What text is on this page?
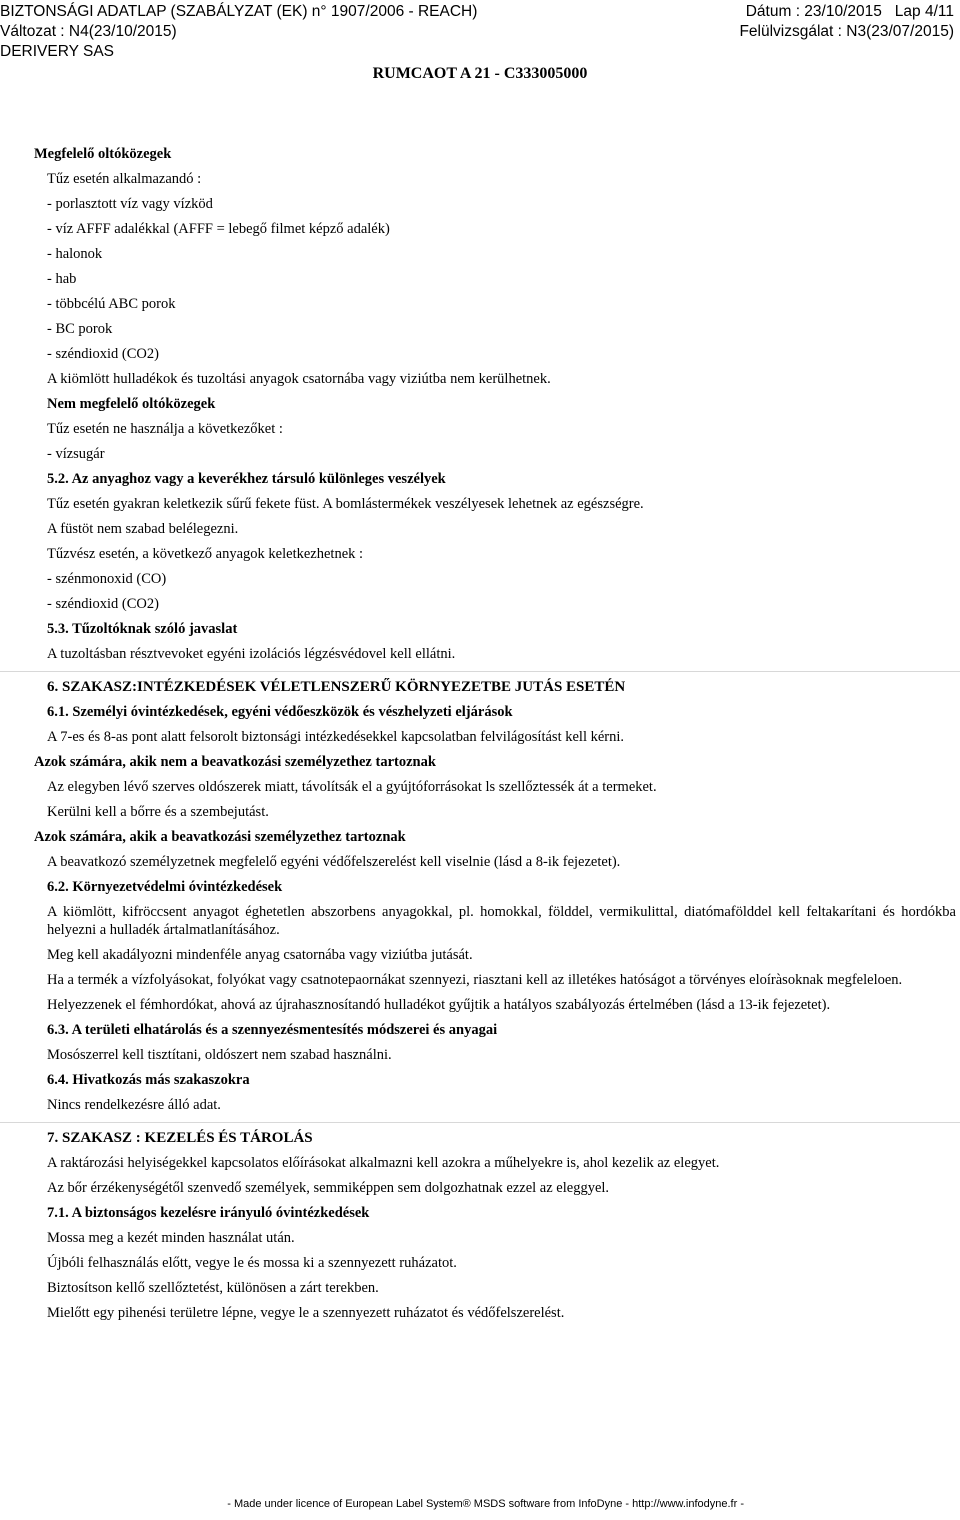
BIZTONSÁGI ADATLAP (SZABÁLYZAT (EK) n° 1907/2006 - REACH)	Dátum : 23/10/2015   Lap 4/11
Változat : N4(23/10/2015)	Felülvizsgálat : N3(23/07/2015)
DERIVERY SAS
RUMCAOT A 21 - C333005000
Megfelelő oltóközegek
Tűz esetén alkalmazandó :
- porlasztott víz vagy vízköd
- víz AFFF adalékkal (AFFF = lebegő filmet képző adalék)
- halonok
- hab
- többcélú ABC porok
- BC porok
- széndioxid (CO2)
A kiömlött hulladékok és tuzoltási anyagok csatornába vagy viziútba nem kerülhetnek.
Nem megfelelő oltóközegek
Tűz esetén ne használja a következőket :
- vízsugár
5.2. Az anyaghoz vagy a keverékhez társuló különleges veszélyek
Tűz esetén gyakran keletkezik sűrű fekete füst. A bomlástermékek veszélyesek lehetnek az egészségre.
A füstöt nem szabad belélegezni.
Tűzvész esetén, a következő anyagok keletkezhetnek :
- szénmonoxid (CO)
- széndioxid (CO2)
5.3. Tűzoltóknak szóló javaslat
A tuzoltásban résztvevoket egyéni izolációs légzésvédovel kell ellátni.
6. SZAKASZ:INTÉZKEDÉSEK VÉLETLENSZERŰ KÖRNYEZETBE JUTÁS ESETÉN
6.1. Személyi óvintézkedések, egyéni védőeszközök és vészhelyzeti eljárások
A 7-es és 8-as pont alatt felsorolt biztonsági intézkedésekkel kapcsolatban felvilágosítást kell kérni.
Azok számára, akik nem a beavatkozási személyzethez tartoznak
Az elegyben lévő szerves oldószerek miatt, távolítsák el a gyújtóforrásokat ls szellőztessék át a termeket.
Kerülni kell a bőrre és a szembejutást.
Azok számára, akik a beavatkozási személyzethez tartoznak
A beavatkozó személyzetnek megfelelő egyéni védőfelszerelést kell viselnie (lásd a 8-ik fejezetet).
6.2. Környezetvédelmi óvintézkedések
A kiömlött, kifröccsent anyagot éghetetlen abszorbens anyagokkal, pl. homokkal, földdel, vermikulittal, diatómafölddel kell feltakarítani és hordókba helyezni a hulladék ártalmatlanításához.
Meg kell akadályozni mindenféle anyag csatornába vagy viziútba jutását.
Ha a termék a vízfolyásokat, folyókat vagy csatnotepaornákat szennyezi, riasztani kell az illetékes hatóságot a törvényes eloíràsoknak megfeleloen.
Helyezzenek el fémhordókat, ahová az újrahasznosítandó hulladékot gyűjtik a hatályos szabályozás értelmében (lásd a 13-ik fejezetet).
6.3. A területi elhatárolás és a szennyezésmentesítés módszerei és anyagai
Mosószerrel kell tisztítani, oldószert nem szabad használni.
6.4. Hivatkozás más szakaszokra
Nincs rendelkezésre álló adat.
7. SZAKASZ : KEZELÉS ÉS TÁROLÁS
A raktározási helyiségekkel kapcsolatos előírásokat alkalmazni kell azokra a műhelyekre is, ahol kezelik az elegyet.
Az bőr érzékenységétől szenvedő személyek, semmiképpen sem dolgozhatnak ezzel az eleggyel.
7.1. A biztonságos kezelésre irányuló óvintézkedések
Mossa meg a kezét minden használat után.
Újbóli felhasználás előtt, vegye le és mossa ki a szennyezett ruházatot.
Biztosítson kellő szellőztetést, különösen a zárt terekben.
Mielőtt egy pihenési területre lépne, vegye le a szennyezett ruházatot és védőfelszerelést.
- Made under licence of European Label System® MSDS software from InfoDyne - http://www.infodyne.fr -
